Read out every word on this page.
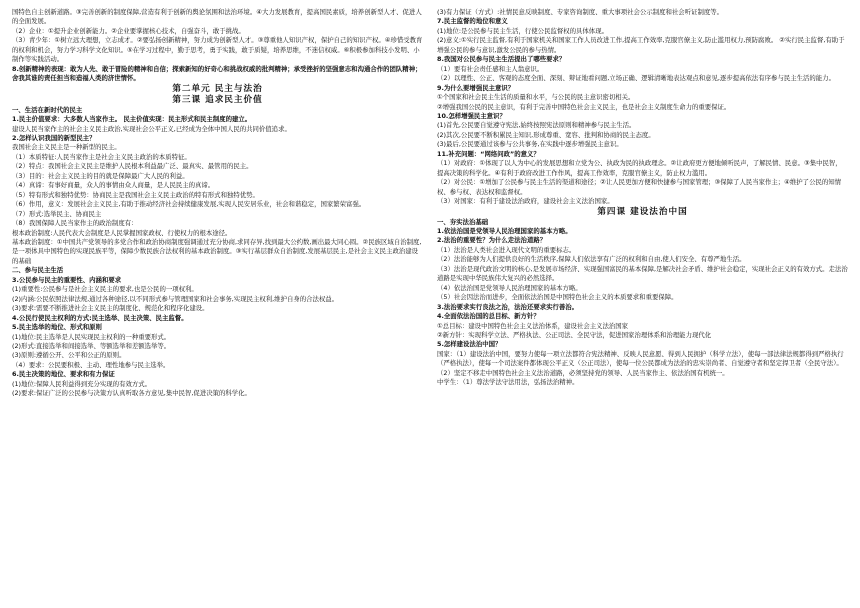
国特色自主创新道路。③完善创新的制度保障,营造有利于创新的舆论氛围和法治环境。④大力发展教育，提高国民素质，培养创新型人才、促进人的全面发展。
（2）企业：①提升企业创新能力。②企业要掌握核心技术，自强奋斗，敢于挑战。
（3）青少年：①树立远大理想，立志成才。②要弘扬创新精神，努力成为创新型人才。③尊重他人知识产权，保护自己的知识产权。④珍惜受教育的权利和机会，努力学习科学文化知识。⑤在学习过程中，勤于思考，勇于实践，敢于质疑，培养思维，不迷信权威。⑥积极参加科技小发明、小制作等实践活动。
8.创新精神的表现：敢为人先、敢于冒险的精神和自信；探索新知的好奇心和挑战权威的批判精神；承受挫折的坚强意志和沟通合作的团队精神；舍我其谁的责任担当和造福人类的济世情怀。
第二单元 民主与法治
第三课 追求民主价值
一、生活在新时代的民主
1.民主价值要求：大多数人当家作主。 民主价值实现：民主形式和民主制度的建立。
建设人民当家作主的社会主义民主政治,实现社会公平正义,已经成为全体中国人民的共同价值追求。
2.怎样认识我国的新型民主？
我国社会主义民主是一种新型的民主。
（1）本质特征:人民当家作主是社会主义民主政治的本质特征。
（2）特点：我国社会主义民主是维护人民根本利益最广泛、最真实、最管用的民主。
（3）目的：社会主义民主的目的就是保障最广大人民的利益。
（4）真谛：有事好商量，众人的事情由众人商量，是人民民主的真谛。
（5）特有形式和独特优势：协商民主是我国社会主义民主政治的特有形式和独特优势。
（6）作用，意义：发展社会主义民主,有助于推动经济社会持续健康发展,实现人民安居乐业，社会和谐稳定，国家繁荣富强。
（7）形式:选举民主、协商民主
（8）我国保障人民当家作主的政治制度有：
根本政治制度:人民代表大会制度是人民掌握国家政权、行使权力的根本途径。
基本政治制度：①中国共产党领导的多党合作和政治协商制度强调通过充分协商,求同存异,找到最大公约数,画出最大同心圆。②民族区域自治制度,是一项体具中国特色的实现民族平等，保障少数民族合法权利的基本政治制度。③实行基层群众自治制度,发展基层民主,是社会主义民主政治建设的基础
二、参与民主生活
3.公民参与民主的重要性、内涵和要求
(1)重要性:公民参与是社会主义民主的要求,也是公民的一项权利。
(2)内涵:公民依照法律法规,通过各种途径,以不同形式参与管理国家和社会事务,实现民主权利,维护自身的合法权益。
(3)要求:需要不断推进社会主义民主的制度化、规范化和程序化建设。
4.公民行使民主权利的方式:民主选举、民主决策、民主监督。
5.民主选举的地位、形式和原则
(1)地位:民主选举是人民实现民主权利的一种重要形式。
(2)形式:直接选举和间接选举、等额选举和差额选举等。
(3)原则:遵循公开、公平和公正的原则。
（4）要求：公民要积极、主动、理性地参与民主选举。
6.民主决策的地位、要求和有力保证
(1)地位:保障人民利益得到充分实现的有效方式。
(2)要求:保证广泛的公民参与决策方认真听取各方意见,集中民智,促进决策的科学化。
(3)有力保证（方式）:社情民意反映制度、专家咨询制度、重大事项社会公示制度和社会听证制度等。
7.民主监督的地位和意义
(1)地位:是公民参与民主生活，行使公民监督权的具体体现。
(2)意义:①实行民主监督,有利于国家机关和国家工作人员改进工作,提高工作效率,克服官僚主义,防止滥用权力,预防腐败。 ②实行民主监督,有助于增强公民的参与意识,激发公民的参与热情。
8.我国对公民参与民主生活提出了哪些要求？
（1）要有社会责任感和主人翁意识。
（2）以理性、公正、客观的态度全面、深刻、辩证地看问题,立场正确、逻辑清晰地表达观点和意见,逐步提高依法有序参与民主生活的能力。
9.为什么要增强民主意识？
①个国家和社会民主生活的质量和水平，与公民的民主意识密切相关。
②增强我国公民的民主意识，有利于完善中国特色社会主义民主，也是社会主义制度生命力的重要保证。
10.怎样增强民主意识？
(1)首先,公民要自觉遵守宪法,始终按照宪法原则和精神参与民主生活。
(2)其次,公民要不断积累民主知识,形成尊重、宽容、批判和协商的民主态度。
(3)最后,公民要通过该参与公共事务,在实践中逐步增强民主意识。
11.补充问题：“网络问政”的意义？
（1）对政府：①体现了以人为中心的发展思想和立党为公、执政为民的执政理念。②让政府更方便地倾听民声，了解民情、民意。③集中民智，提高决策的科学化。④有利于政府改进工作作风，提高工作效率，克服官僚主义，防止权力滥用。
（2）对公民：①增加了公民参与民主生活的渠道和途径；②让人民更加方便和快捷参与国家管理；③保障了人民当家作主；④维护了公民的知情权、参与权、表达权和监督权。
（3）对国家：有利于建设法治政府，建设社会主义法治国家。
第四课 建设法治中国
一、夯实法治基础
1.依法治国是党领导人民治理国家的基本方略。
2.法治的重要性？为什么走法治道路？
（1）法治是人类社会进入现代文明的重要标志。
（2）法治能够为人们提供良好的生活秩序,保障人们依法享有广泛的权利和自由,使人们安全、有尊严地生活。
（3）法治是现代政治文明的核心,是发展市场经济、实现强国富民的基本保障,是解决社会矛盾、维护社会稳定，实现社会正义的有效方式。走法治道路是实现中华民族伟大复兴的必然选择。
（4）依法治国是党领导人民治理国家的基本方略。
（5）社会因法治而进步，全面依法治国是中国特色社会主义的本质要求和重要保障。
3.法治要求实行良法之治，法治还要求实行善治。
4.全面依法治国的总目标、新方针？
①总目标：建设中国特色社会主义法治体系，建设社会主义法治国家
②新方针：实现科学立法、严格执法、公正司法、全民守法，促进国家治理体系和治理能力现代化
5.怎样建设法治中国？
国家：（1）建设法治中国，要努力使每一项立法都符合宪法精神、反映人民意愿、得到人民拥护（科学立法），使每一部法律法规都得到严格执行（严格执法），使每一个司法案件都体现公平正义（公正司法），使每一位公民都成为法治的忠实崇尚者、自觉遵守者和坚定捍卫者（全民守法）。
（2）坚定不移走中国特色社会主义法治道路，必须坚持党的领导、人民当家作主、依法治国有机统一。
中学生：（1）尊法学法守法用法，弘扬法治精神。
